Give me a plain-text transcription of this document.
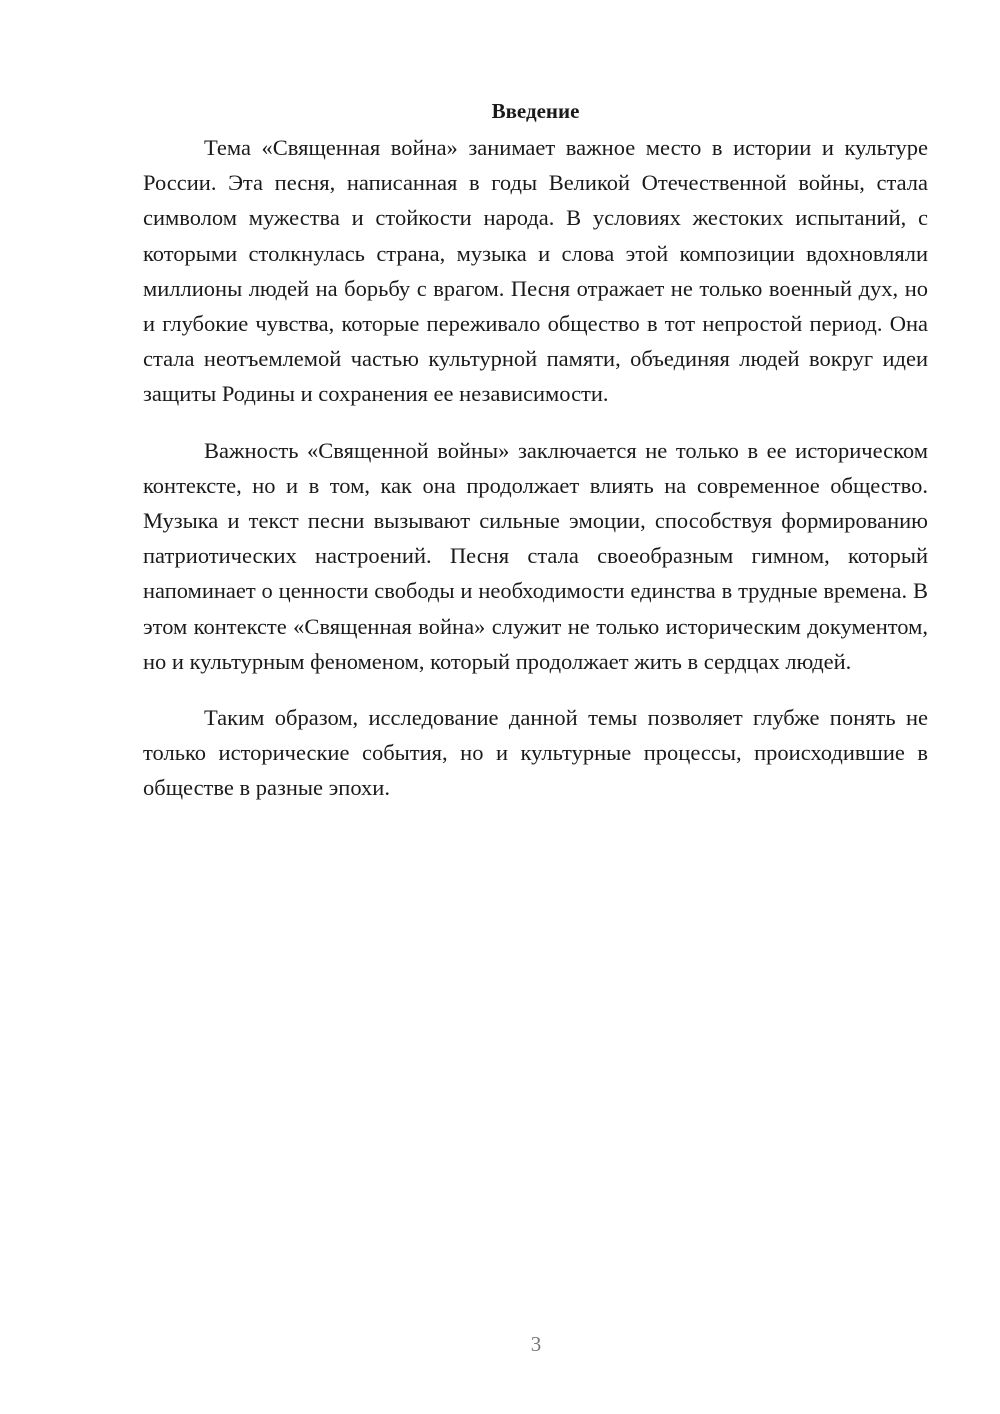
Введение

Тема «Священная война» занимает важное место в истории и культуре России. Эта песня, написанная в годы Великой Отечественной войны, стала символом мужества и стойкости народа. В условиях жестоких испытаний, с которыми столкнулась страна, музыка и слова этой композиции вдохновляли миллионы людей на борьбу с врагом. Песня отражает не только военный дух, но и глубокие чувства, которые переживало общество в тот непростой период. Она стала неотъемлемой частью культурной памяти, объединяя людей вокруг идеи защиты Родины и сохранения ее независимости.

Важность «Священной войны» заключается не только в ее историческом контексте, но и в том, как она продолжает влиять на современное общество. Музыка и текст песни вызывают сильные эмоции, способствуя формированию патриотических настроений. Песня стала своеобразным гимном, который напоминает о ценности свободы и необходимости единства в трудные времена. В этом контексте «Священная война» служит не только историческим документом, но и культурным феноменом, который продолжает жить в сердцах людей.

Таким образом, исследование данной темы позволяет глубже понять не только исторические события, но и культурные процессы, происходившие в обществе в разные эпохи.

3
